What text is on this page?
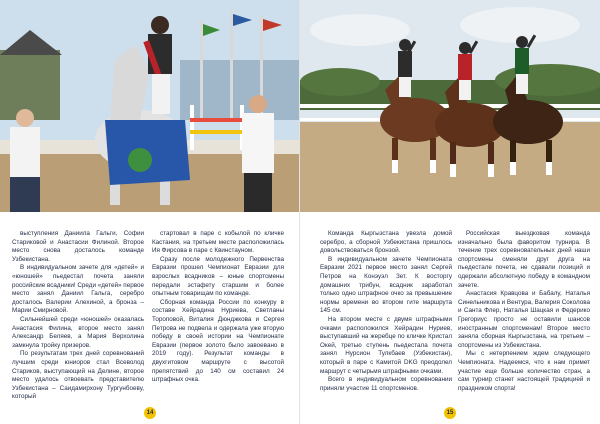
выступления Даниила Гальги, Софии Стариковой и Анастасии Филиной. Второе место снова досталось команде Узбекистана.

В индивидуальном зачете для «детей» и «юношей» пьедестал почета заняли российские всадники! Среди «детей» первое место занял Даниил Гальга, серебро досталось Валерии Алехиной, а бронза – Марии Смирновой.

Сильнейшей среди «юношей» оказалась Анастасия Филина, второе место занял Александр Беляев, а Мария Верхолина замкнула тройку призеров.

По результатам трех дней соревнований лучшим среди юниоров стал Всеволод Стариков, выступающий на Делине, второе место удалось отвоевать представителю Узбекистана – Саидамирхону Тургунбоеву, который

стартовал в паре с кобылой по кличке Кастания, на третьем месте расположилась Ия Фирсова в паре с Квинстауном.

Сразу после молодежного Первенства Евразии прошел Чемпионат Евразии для взрослых всадников – юные спортсмены передали эстафету старшим и более опытным товарищам по команде.

Сборная команда России по конкуру в составе Хейрадина Нуриева, Светланы Тороповой, Виталия Дюнджкова и Сергея Петрова не подвела и одержала уже вторую победу в своей истории на Чемпионате Евразии (первое золото было завоевано в 2019 году). Результат команды в двухгитовом маршруте с высотой препятствий до 140 см составил 24 штрафных очка.

14

Команда Кыргызстана увезла домой серебро, а сборной Узбекистана пришлось довольствоваться бронзой.

В индивидуальном зачете Чемпионата Евразии 2021 первое место занял Сергей Петров на Конэуэл Зет. К восторгу домашних трибун, всадник заработал только одно штрафное очко за превышение нормы времени во втором гите маршрута 145 см.

На втором месте с двумя штрафными очками расположился Хейрадин Нуриев, выступавший на жеребце по кличке Кристал Окей, третью ступень пьедестала почета занял Нурсион Тулкбаев (Узбекистан), который в паре с Камитой DKG преодолел маршрут с четырьмя штрафными очками.

Всего в индивидуальном соревновании приняли участие 11 спортсменов.

Российская выездковая команда изначально была фаворитом турнира. В течение трех соревновательных дней наши спортсмены сменяли друг друга на пьедестале почета, не сдавали позиций и одержали абсолютную победу в командном зачете.

Анастасия Кравцова и Бабалу, Наталья Синельникова и Вентура, Валерия Соколова и Санта Флер, Наталья Шацкая и Федерико Грегориус просто не оставили шансов иностранным спортсменам! Второе место заняла сборная Кыргызстана, на третьем – спортсмены из Узбекистана.

Мы с нетерпением ждем следующего Чемпионата. Надеемся, что к нам примет участие еще больше количество стран, а сам турнир станет настоящей традицией и праздником спорта!

15
